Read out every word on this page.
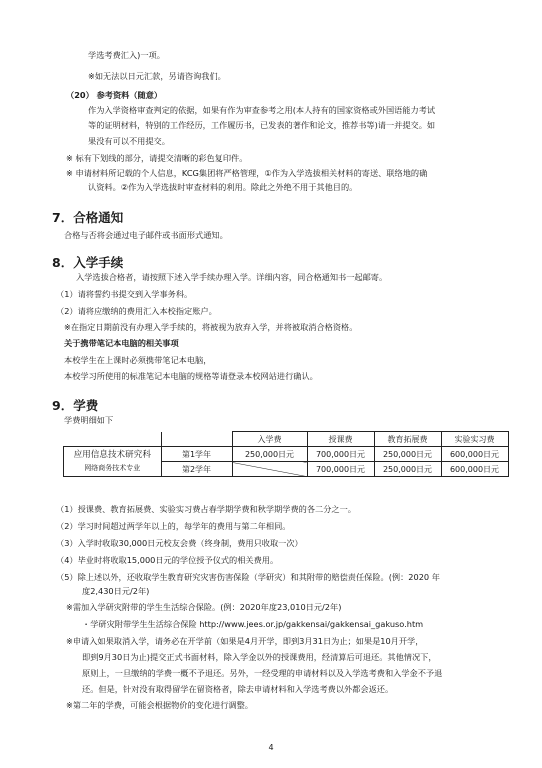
学选考费汇入)一项。
※如无法以日元汇款，另请咨询我们。
（20） 参考资料（随意）
作为入学资格审查判定的依据，如果有作为审查参考之用(本人持有的国家资格或外国语能力考试
等的证明材料，特别的工作经历，工作履历书，已发表的著作和论文，推荐书等)请一并提交。如
果没有可以不用提交。
※ 标有下划线的部分，请提交清晰的彩色复印件。
※ 申请材料所记载的个人信息，KCG集团将严格管理，①作为入学选拔相关材料的寄送、联络地的确
认资料。②作为入学选拔时审查材料的利用。除此之外绝不用于其他目的。
7．合格通知
合格与否将会通过电子邮件或书面形式通知。
8．入学手续
入学选拔合格者，请按照下述入学手续办理入学。详细内容，同合格通知书一起邮寄。
（1）请将誓约书提交到入学事务科。
（2）请将应缴纳的费用汇入本校指定账户。
※在指定日期前没有办理入学手续的，将被视为放弃入学，并将被取消合格资格。
关于携带笔记本电脑的相关事项
本校学生在上课时必须携带笔记本电脑，
本校学习所使用的标准笔记本电脑的规格等请登录本校网站进行确认。
9．学费
学费明细如下
		入学费	授课费	教育拓展费	实验实习费

应用信息技术研究科
网络商务技术专业	第1学年	250,000日元	700,000日元	250,000日元	600,000日元
	第2学年		700,000日元	250,000日元	600,000日元
（1）授课费、教育拓展费、实验实习费占春学期学费和秋学期学费的各二分之一。
（2）学习时间超过两学年以上的，每学年的费用与第二年相同。
（3）入学时收取30,000日元校友会费（终身制，费用只收取一次）
（4）毕业时将收取15,000日元的学位授予仪式的相关费用。
（5）除上述以外，还收取学生教育研究灾害伤害保险（学研灾）和其附带的赔偿责任保险。(例：2020 年
度2,430日元/2年)
※需加入学研灾附带的学生生活综合保险。(例：2020年度23,010日元/2年)
・学研灾附带学生生活综合保险 http://www.jees.or.jp/gakkensai/gakkensai_gakuso.htm
※申请入如果取消入学，请务必在开学前（如果是4月开学，即到3月31日为止；如果是10月开学，
即到9月30日为止)提交正式书面材料，除入学金以外的授课费用，经清算后可退还。其他情况下，
原则上，一旦缴纳的学费一概不予退还。另外，一经受理的申请材料以及入学选考费和入学金不予退
还。但是，针对没有取得留学在留资格者，除去申请材料和入学选考费以外都会返还。
※第二年的学费，可能会根据物价的变化进行调整。
4
